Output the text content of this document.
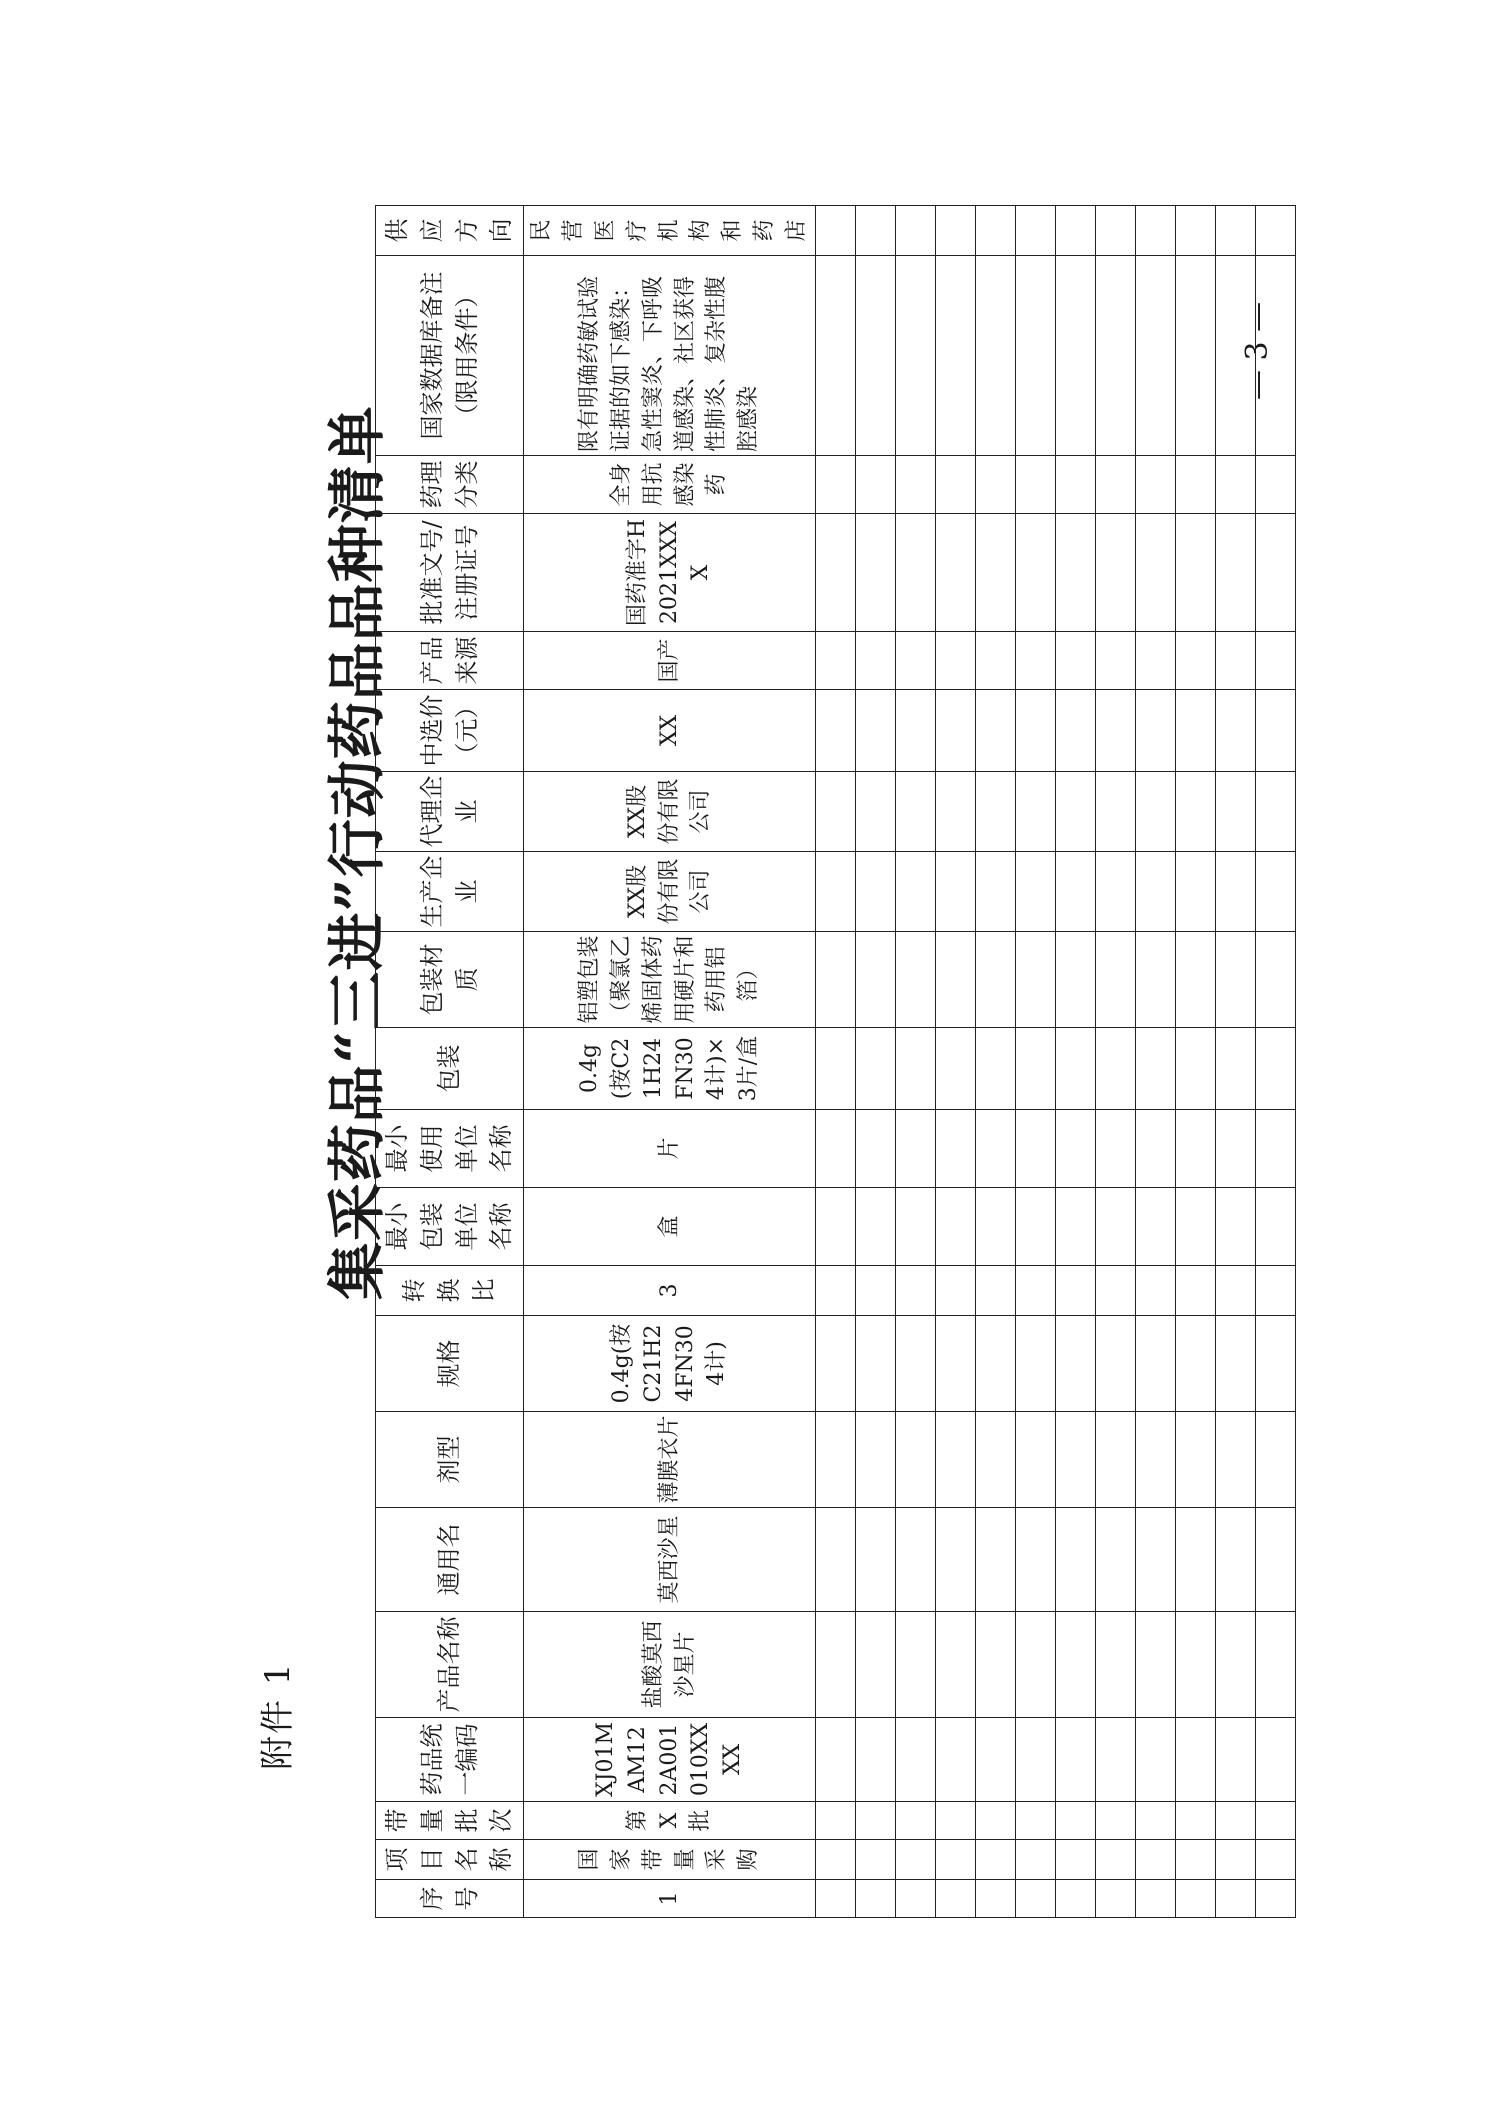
附件 1
集采药品“三进”行动药品品种清单
— 3 —
序号	项目名称	带量批次	药品统一编码	产品名称	通用名	剂型	规格	转换比	最小包装单位名称	最小使用单位名称	包装	包装材质	生产企业	代理企业	中选价（元）	产品来源	批准文号/注册证号	药理分类	国家数据库备注（限用条件）	供应方向
1	国家带量采购	第X批	XJ01MAM122A001010XXXX	盐酸莫西沙星片	莫西沙星	薄膜衣片	0.4g(按C21H24FN304计)	3	盒	片	0.4g(按C21H24FN304计)×3片/盒	铝塑包装（聚氯乙烯固体药用硬片和药用铝箔）	XX股份有限公司	XX股份有限公司	XX	国产	国药准字H2021XXXX	全身用抗感染药	限有明确药敏试验证据的如下感染：急性窦炎、下呼吸道感染、社区获得性肺炎、复杂性腹腔感染	民营医疗机构和药店
